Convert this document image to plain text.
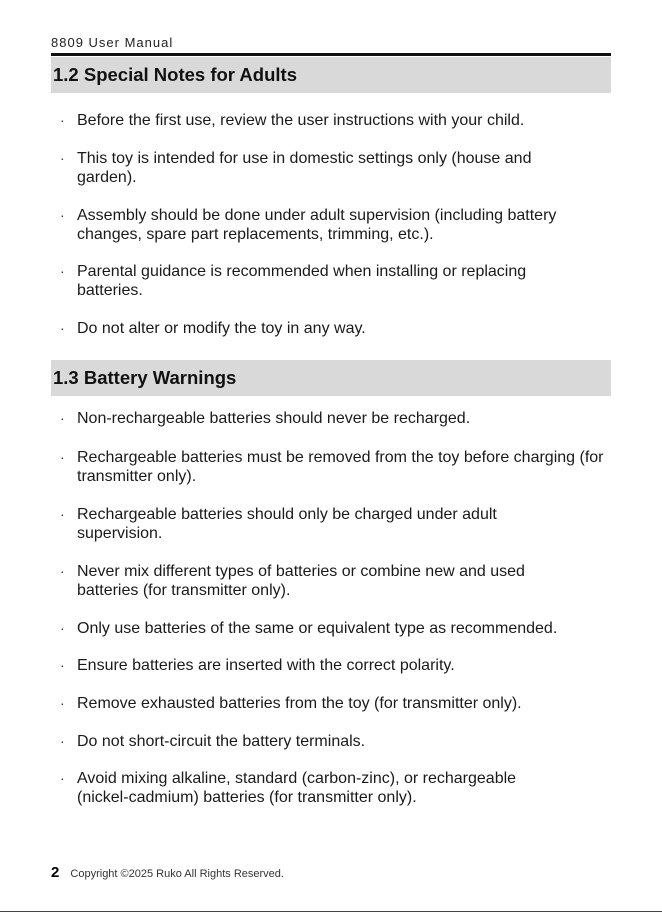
8809 User Manual
1.2 Special Notes for Adults
· Before the first use, review the user instructions with your child.
· This toy is intended for use in domestic settings only (house and garden).
· Assembly should be done under adult supervision (including battery changes, spare part replacements, trimming, etc.).
· Parental guidance is recommended when installing or replacing batteries.
· Do not alter or modify the toy in any way.
1.3 Battery Warnings
· Non-rechargeable batteries should never be recharged.
· Rechargeable batteries must be removed from the toy before charging (for transmitter only).
· Rechargeable batteries should only be charged under adult supervision.
· Never mix different types of batteries or combine new and used batteries (for transmitter only).
· Only use batteries of the same or equivalent type as recommended.
· Ensure batteries are inserted with the correct polarity.
· Remove exhausted batteries from the toy (for transmitter only).
· Do not short-circuit the battery terminals.
· Avoid mixing alkaline, standard (carbon-zinc), or rechargeable (nickel-cadmium) batteries (for transmitter only).
2 Copyright ©2025 Ruko All Rights Reserved.
